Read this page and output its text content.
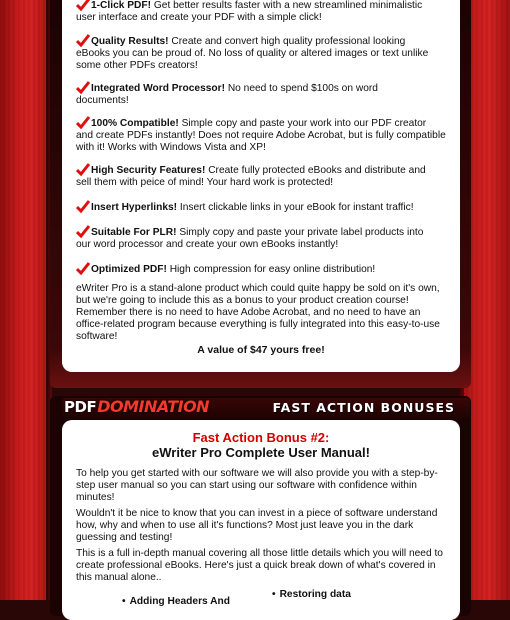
1-Click PDF! Get better results faster with a new streamlined minimalistic
user interface and create your PDF with a simple click!
Quality Results! Create and convert high quality professional looking
eBooks you can be proud of. No loss of quality or altered images or text unlike some other PDFs creators!
Integrated Word Processor! No need to spend $100s on word
documents!
100% Compatible! Simple copy and paste your work into our PDF creator
and create PDFs instantly! Does not require Adobe Acrobat, but is fully compatible with it! Works with Windows Vista and XP!
High Security Features! Create fully protected eBooks and distribute and
sell them with peice of mind! Your hard work is protected!
Insert Hyperlinks! Insert clickable links in your eBook for instant traffic!
Suitable For PLR! Simply copy and paste your private label products into
our word processor and create your own eBooks instantly!
Optimized PDF! High compression for easy online distribution!
eWriter Pro is a stand-alone product which could quite happy be sold on it's own, but we're going to include this as a bonus to your product creation course! Remember there is no need to have Adobe Acrobat, and no need to have an office-related program because everything is fully integrated into this easy-to-use software!
A value of $47 yours free!
PDFDOMINATION	FAST ACTION BONUSES
Fast Action Bonus #2:
eWriter Pro Complete User Manual!
To help you get started with our software we will also provide you with a step-by-step user manual so you can start using our software with confidence within minutes!
Wouldn't it be nice to know that you can invest in a piece of software understand how, why and when to use all it's functions? Most just leave you in the dark guessing and testing!
This is a full in-depth manual covering all those little details which you will need to create professional eBooks. Here's just a quick break down of what's covered in this manual alone..
• Adding Headers And
• Restoring data
